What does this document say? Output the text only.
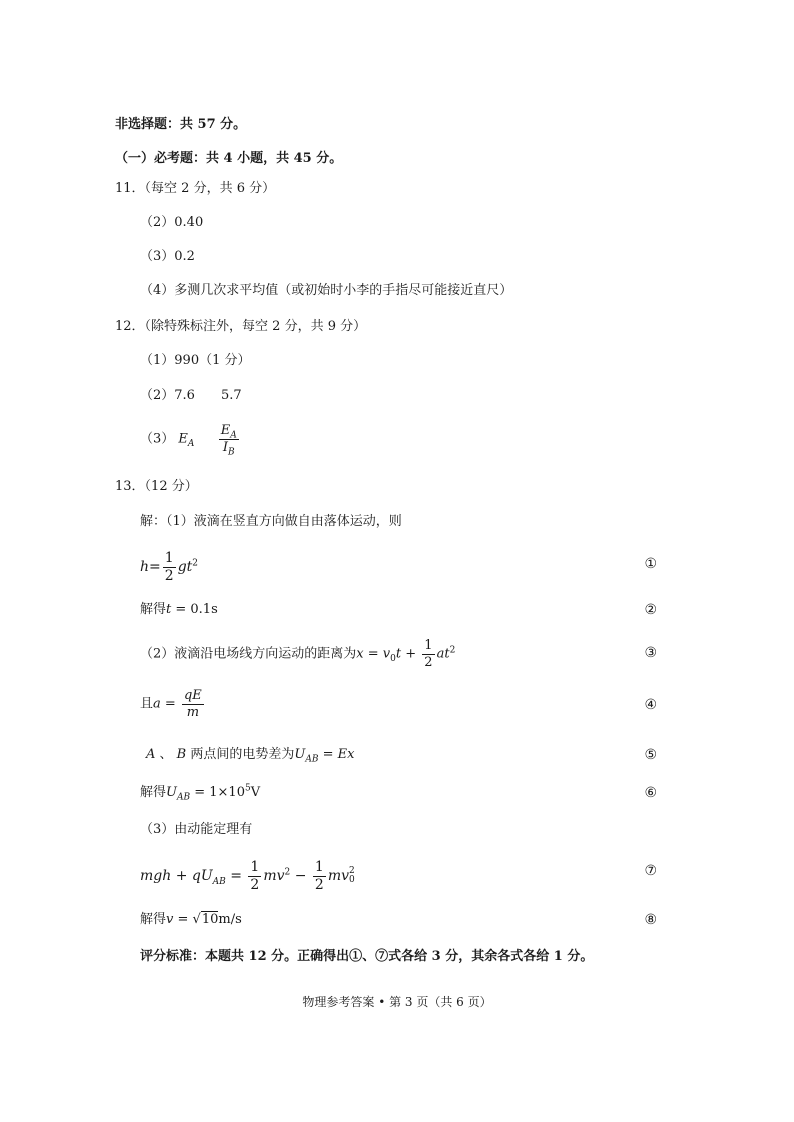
非选择题：共 57 分。
（一）必考题：共 4 小题，共 45 分。
11．（每空 2 分，共 6 分）
（2）0.40
（3）0.2
（4）多测几次求平均值（或初始时小李的手指尽可能接近直尺）
12．（除特殊标注外，每空 2 分，共 9 分）
（1）990（1 分）
（2）7.6 5.7
（3） $E_A \frac{E_A}{I_B}$
13．（12 分）
解：（1）液滴在竖直方向做自由落体运动，则
$h= \frac{1}{2} gt^2$	①
解得t = 0.1s	②
（2）液滴沿电场线方向运动的距离为$x = v_0t + \frac{1}{2} at^2$	③
且$a = \frac{qE}{m}$	④
A 、 B 两点间的电势差为$U_{AB} = Ex$	⑤
解得$U_{AB} = 1\times 10^5V$	⑥
（3）由动能定理有
mgh + $qU_{AB} = \frac{1}{2} mv^2 - \frac{1}{2}$ mv 2
0
⑦
解得v = √10m/s	⑧
评分标准：本题共 12 分。正确得出①、⑦式各给 3 分，其余各式各给 1 分。
物理参考答案 • 第 3 页（共 6 页）
